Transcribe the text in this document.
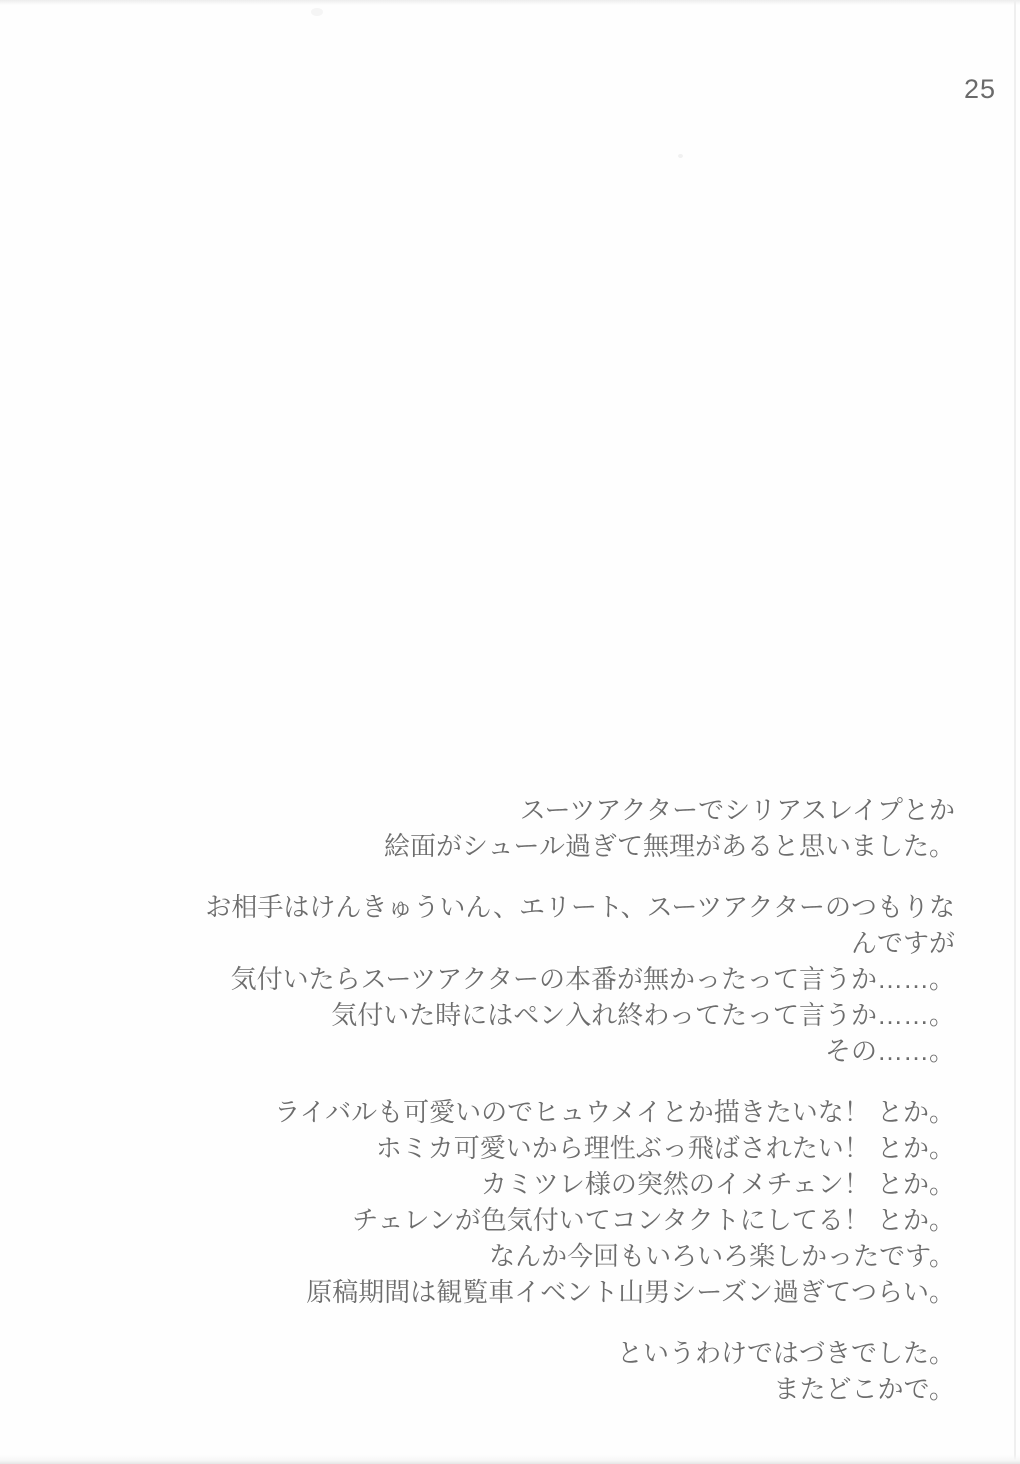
25

スーツアクターでシリアスレイプとか
絵面がシュール過ぎて無理があると思いました。

お相手はけんきゅういん、エリート、スーツアクターのつもりなんですが
気付いたらスーツアクターの本番が無かったって言うか……。
気付いた時にはペン入れ終わってたって言うか……。
その……。

ライバルも可愛いのでヒュウメイとか描きたいな！ とか。
ホミカ可愛いから理性ぶっ飛ばされたい！ とか。
カミツレ様の突然のイメチェン！ とか。
チェレンが色気付いてコンタクトにしてる！ とか。
なんか今回もいろいろ楽しかったです。
原稿期間は観覧車イベント山男シーズン過ぎてつらい。

というわけではづきでした。
またどこかで。
